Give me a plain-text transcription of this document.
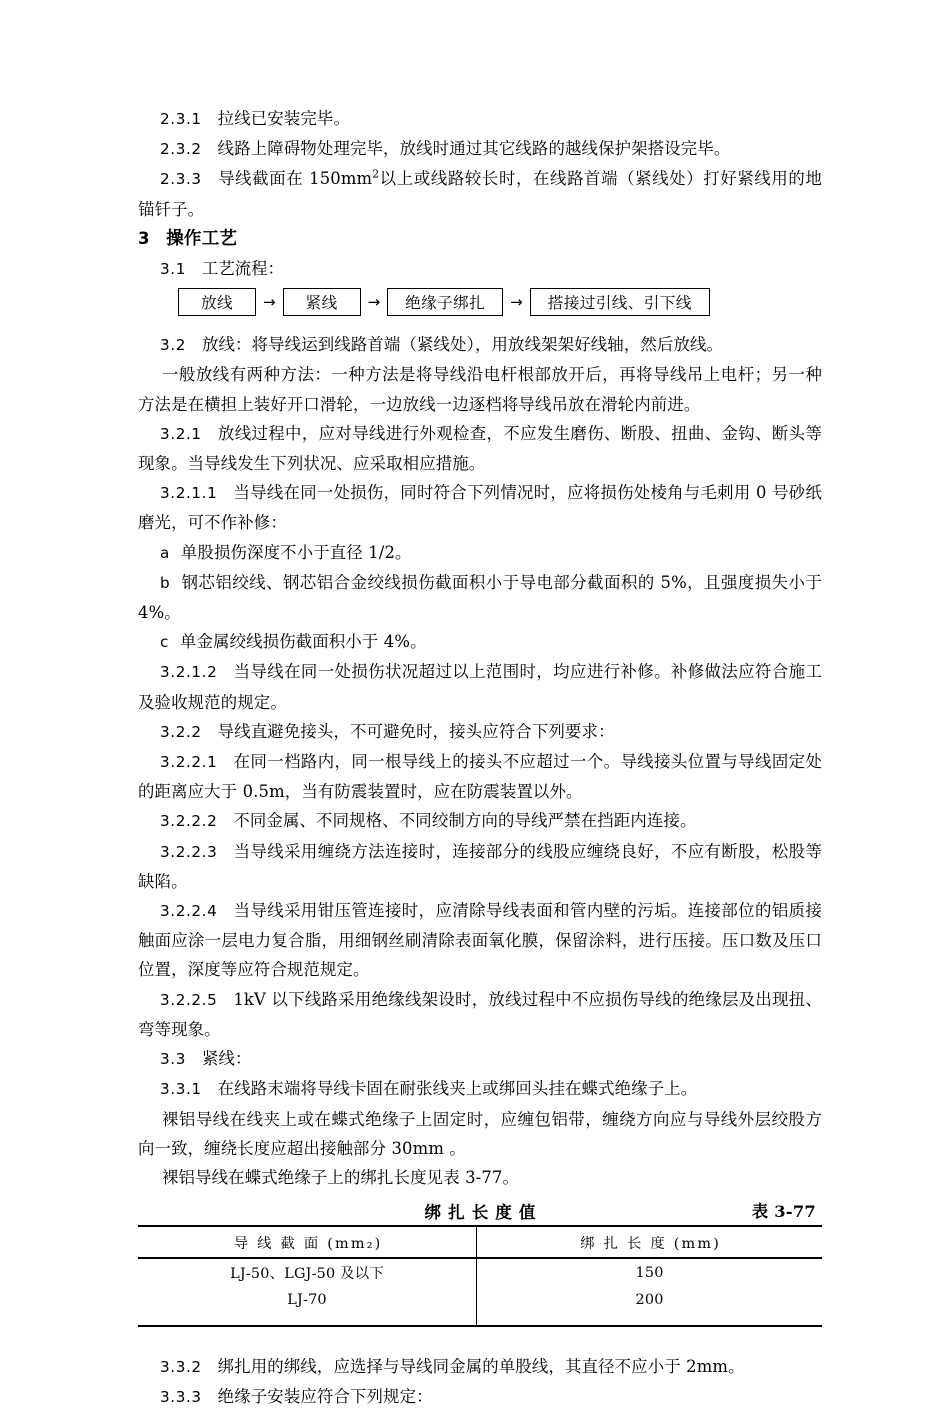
2.3.1 拉线已安装完毕。

2.3.2 线路上障碍物处理完毕，放线时通过其它线路的越线保护架搭设完毕。

2.3.3 导线截面在 $150mm^2$以上或线路较长时，在线路首端（紧线处）打好紧线用的地锚钎子。

3 操作工艺

3.1 工艺流程：

放线	→	紧线	→	绝缘子绑扎	→	搭接过引线、引下线

3.2 放线：将导线运到线路首端（紧线处），用放线架架好线轴，然后放线。

一般放线有两种方法：一种方法是将导线沿电杆根部放开后，再将导线吊上电杆；另一种方法是在横担上装好开口滑轮，一边放线一边逐档将导线吊放在滑轮内前进。

3.2.1 放线过程中，应对导线进行外观检查，不应发生磨伤、断股、扭曲、金钩、断头等现象。当导线发生下列状况、应采取相应措施。

3.2.1.1 当导线在同一处损伤，同时符合下列情况时，应将损伤处棱角与毛刺用 0 号砂纸磨光，可不作补修：

a 单股损伤深度不小于直径 1/2。

b 钢芯铝绞线、钢芯铝合金绞线损伤截面积小于导电部分截面积的 5%，且强度损失小于 4%。

c 单金属绞线损伤截面积小于 4%。

3.2.1.2 当导线在同一处损伤状况超过以上范围时，均应进行补修。补修做法应符合施工及验收规范的规定。

3.2.2 导线直避免接头，不可避免时，接头应符合下列要求：

3.2.2.1 在同一档路内，同一根导线上的接头不应超过一个。导线接头位置与导线固定处的距离应大于 0.5m，当有防震装置时，应在防震装置以外。

3.2.2.2 不同金属、不同规格、不同绞制方向的导线严禁在挡距内连接。

3.2.2.3 当导线采用缠绕方法连接时，连接部分的线股应缠绕良好，不应有断股，松股等缺陷。

3.2.2.4 当导线采用钳压管连接时，应清除导线表面和管内壁的污垢。连接部位的铝质接触面应涂一层电力复合脂，用细钢丝刷清除表面氧化膜，保留涂料，进行压接。压口数及压口位置，深度等应符合规范规定。

3.2.2.5 1kV 以下线路采用绝缘线架设时，放线过程中不应损伤导线的绝缘层及出现扭、弯等现象。

3.3 紧线：

3.3.1 在线路末端将导线卡固在耐张线夹上或绑回头挂在蝶式绝缘子上。

裸铝导线在线夹上或在蝶式绝缘子上固定时，应缠包铝带，缠绕方向应与导线外层绞股方向一致，缠绕长度应超出接触部分 30mm 。

裸铝导线在蝶式绝缘子上的绑扎长度见表 3-77。

绑扎长度值	表 3-77
导 线 截 面 (mm₂)	绑 扎 长 度 (mm)
LJ-50、LGJ-50 及以下	150
LJ-70	200

3.3.2 绑扎用的绑线，应选择与导线同金属的单股线，其直径不应小于 2mm。

3.3.3 绝缘子安装应符合下列规定：
